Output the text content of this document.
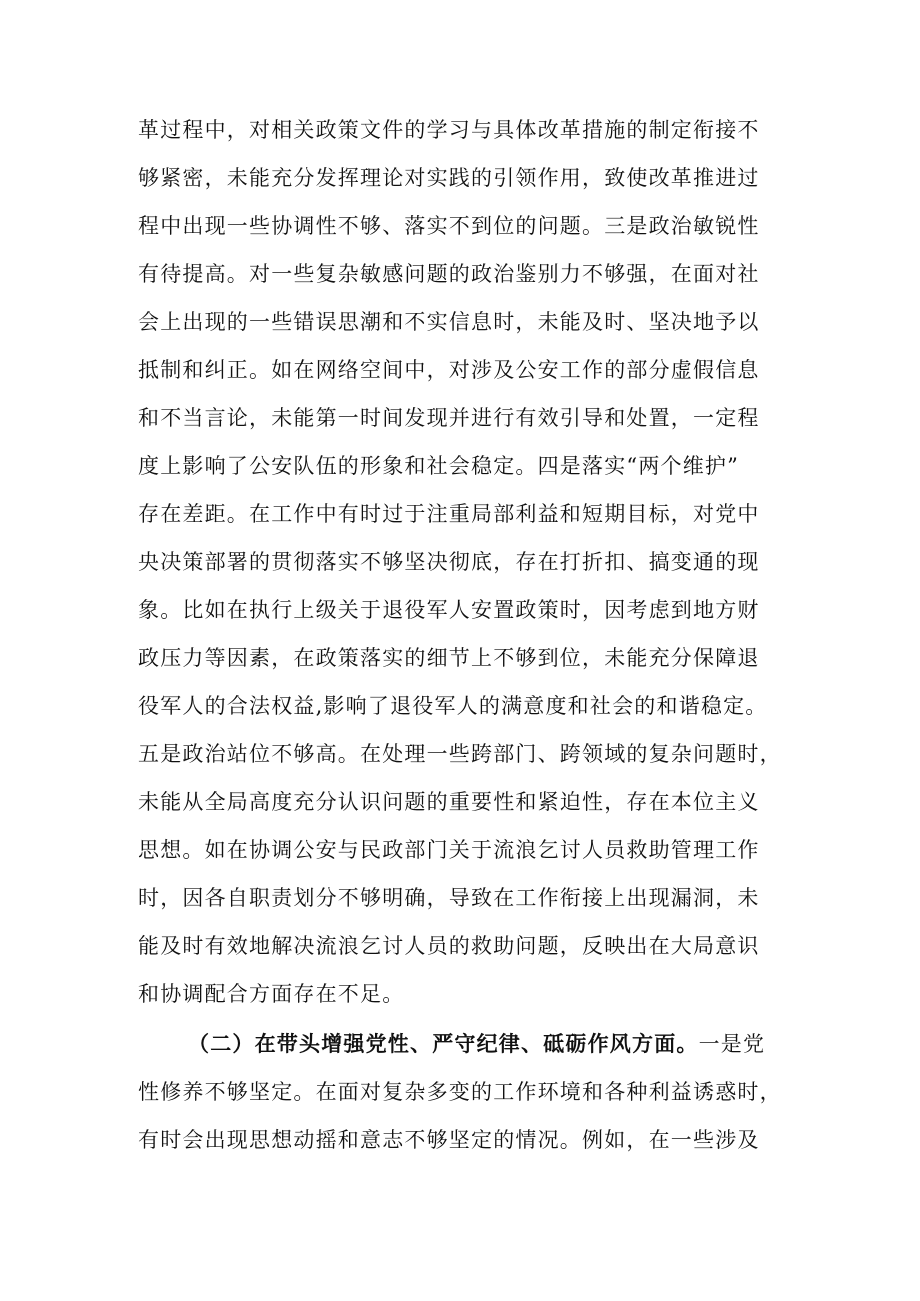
革过程中，对相关政策文件的学习与具体改革措施的制定衔接不
够紧密，未能充分发挥理论对实践的引领作用，致使改革推进过
程中出现一些协调性不够、落实不到位的问题。三是政治敏锐性
有待提高。对一些复杂敏感问题的政治鉴别力不够强，在面对社
会上出现的一些错误思潮和不实信息时，未能及时、坚决地予以
抵制和纠正。如在网络空间中，对涉及公安工作的部分虚假信息
和不当言论，未能第一时间发现并进行有效引导和处置，一定程
度上影响了公安队伍的形象和社会稳定。四是落实“两个维护”
存在差距。在工作中有时过于注重局部利益和短期目标，对党中
央决策部署的贯彻落实不够坚决彻底，存在打折扣、搞变通的现
象。比如在执行上级关于退役军人安置政策时，因考虑到地方财
政压力等因素，在政策落实的细节上不够到位，未能充分保障退
役军人的合法权益,影响了退役军人的满意度和社会的和谐稳定。
五是政治站位不够高。在处理一些跨部门、跨领域的复杂问题时，
未能从全局高度充分认识问题的重要性和紧迫性，存在本位主义
思想。如在协调公安与民政部门关于流浪乞讨人员救助管理工作
时，因各自职责划分不够明确，导致在工作衔接上出现漏洞，未
能及时有效地解决流浪乞讨人员的救助问题，反映出在大局意识
和协调配合方面存在不足。
（二）在带头增强党性、严守纪律、砥砺作风方面。一是党
性修养不够坚定。在面对复杂多变的工作环境和各种利益诱惑时，
有时会出现思想动摇和意志不够坚定的情况。例如，在一些涉及
